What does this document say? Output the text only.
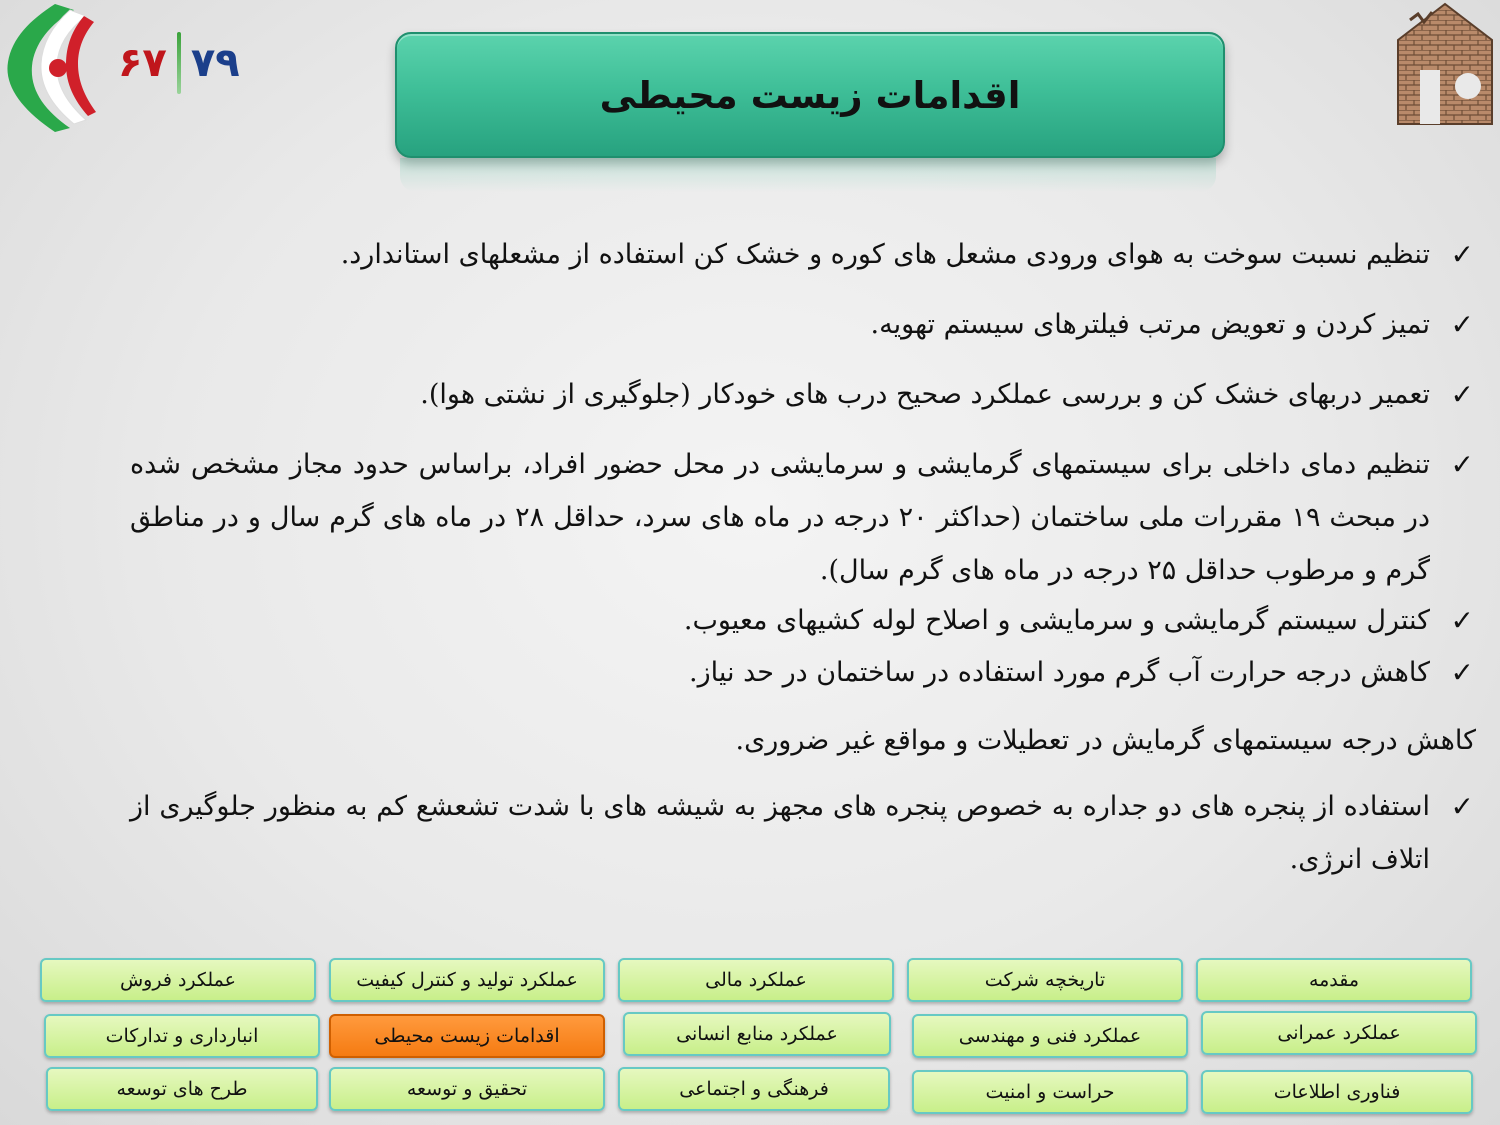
۶۷ ۷۹
اقدامات زیست محیطی
✓
تنظیم نسبت سوخت به هوای ورودی مشعل های کوره و خشک کن استفاده از مشعلهای استاندارد.
✓
تمیز کردن و تعویض مرتب فیلترهای سیستم تهویه.
✓
تعمیر دربهای خشک کن و بررسی عملکرد صحیح درب های خودکار (جلوگیری از نشتی هوا).
✓
تنظیم دمای داخلی برای سیستمهای گرمایشی و سرمایشی در محل حضور افراد، براساس حدود مجاز مشخص شده در مبحث ۱۹ مقررات ملی ساختمان (حداکثر ۲۰ درجه در ماه های سرد، حداقل ۲۸ در ماه های گرم سال و در مناطق گرم و مرطوب حداقل ۲۵ درجه در ماه های گرم سال).
✓
کنترل سیستم گرمایشی و سرمایشی و اصلاح لوله کشیهای معیوب.
✓
کاهش درجه حرارت آب گرم مورد استفاده در ساختمان در حد نیاز.
کاهش درجه سیستمهای گرمایش در تعطیلات و مواقع غیر ضروری.
✓
استفاده از پنجره های دو جداره به خصوص پنجره های مجهز به شیشه های با شدت تشعشع کم به منظور جلوگیری از اتلاف انرژی.
مقدمه
تاریخچه شرکت
عملکرد مالی
عملکرد تولید و کنترل کیفیت
عملکرد فروش
عملکرد عمرانی
عملکرد فنی و مهندسی
عملکرد منابع انسانی
اقدامات زیست محیطی
انبارداری و تدارکات
فناوری اطلاعات
حراست و امنیت
فرهنگی و اجتماعی
تحقیق و توسعه
طرح های توسعه
